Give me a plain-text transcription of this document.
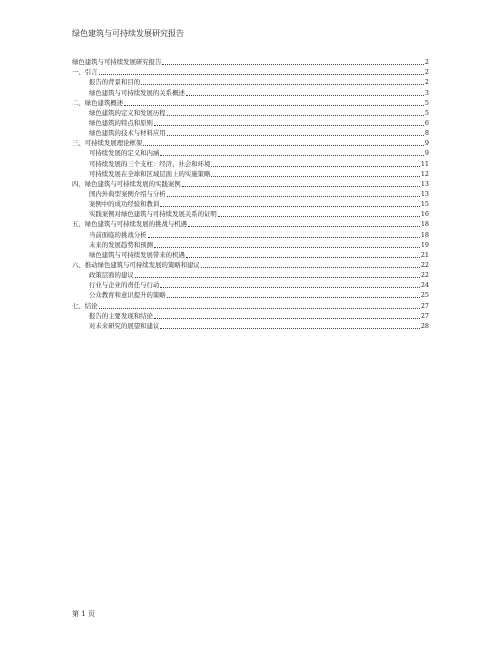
绿色建筑与可持续发展研究报告
绿色建筑与可持续发展研究报告	2
一、引言	2
报告的背景和目的	2
绿色建筑与可持续发展的关系概述	3
二、绿色建筑概述	5
绿色建筑的定义和发展历程	5
绿色建筑的特点和原则	6
绿色建筑的技术与材料应用	8
三、可持续发展理论框架	9
可持续发展的定义和内涵	9
可持续发展的三个支柱：经济、社会和环境	11
可持续发展在全球和区域层面上的实施策略	12
四、绿色建筑与可持续发展的实践案例	13
国内外典型案例介绍与分析	13
案例中的成功经验和教训	15
实践案例对绿色建筑与可持续发展关系的证明	16
五、绿色建筑与可持续发展的挑战与机遇	18
当前面临的挑战分析	18
未来的发展趋势和预测	19
绿色建筑与可持续发展带来的机遇	21
六、推动绿色建筑与可持续发展的策略和建议	22
政策层面的建议	22
行业与企业的责任与行动	24
公众教育和意识提升的策略	25
七、结论	27
报告的主要发现和结论	27
对未来研究的展望和建议	28
第 1 页
